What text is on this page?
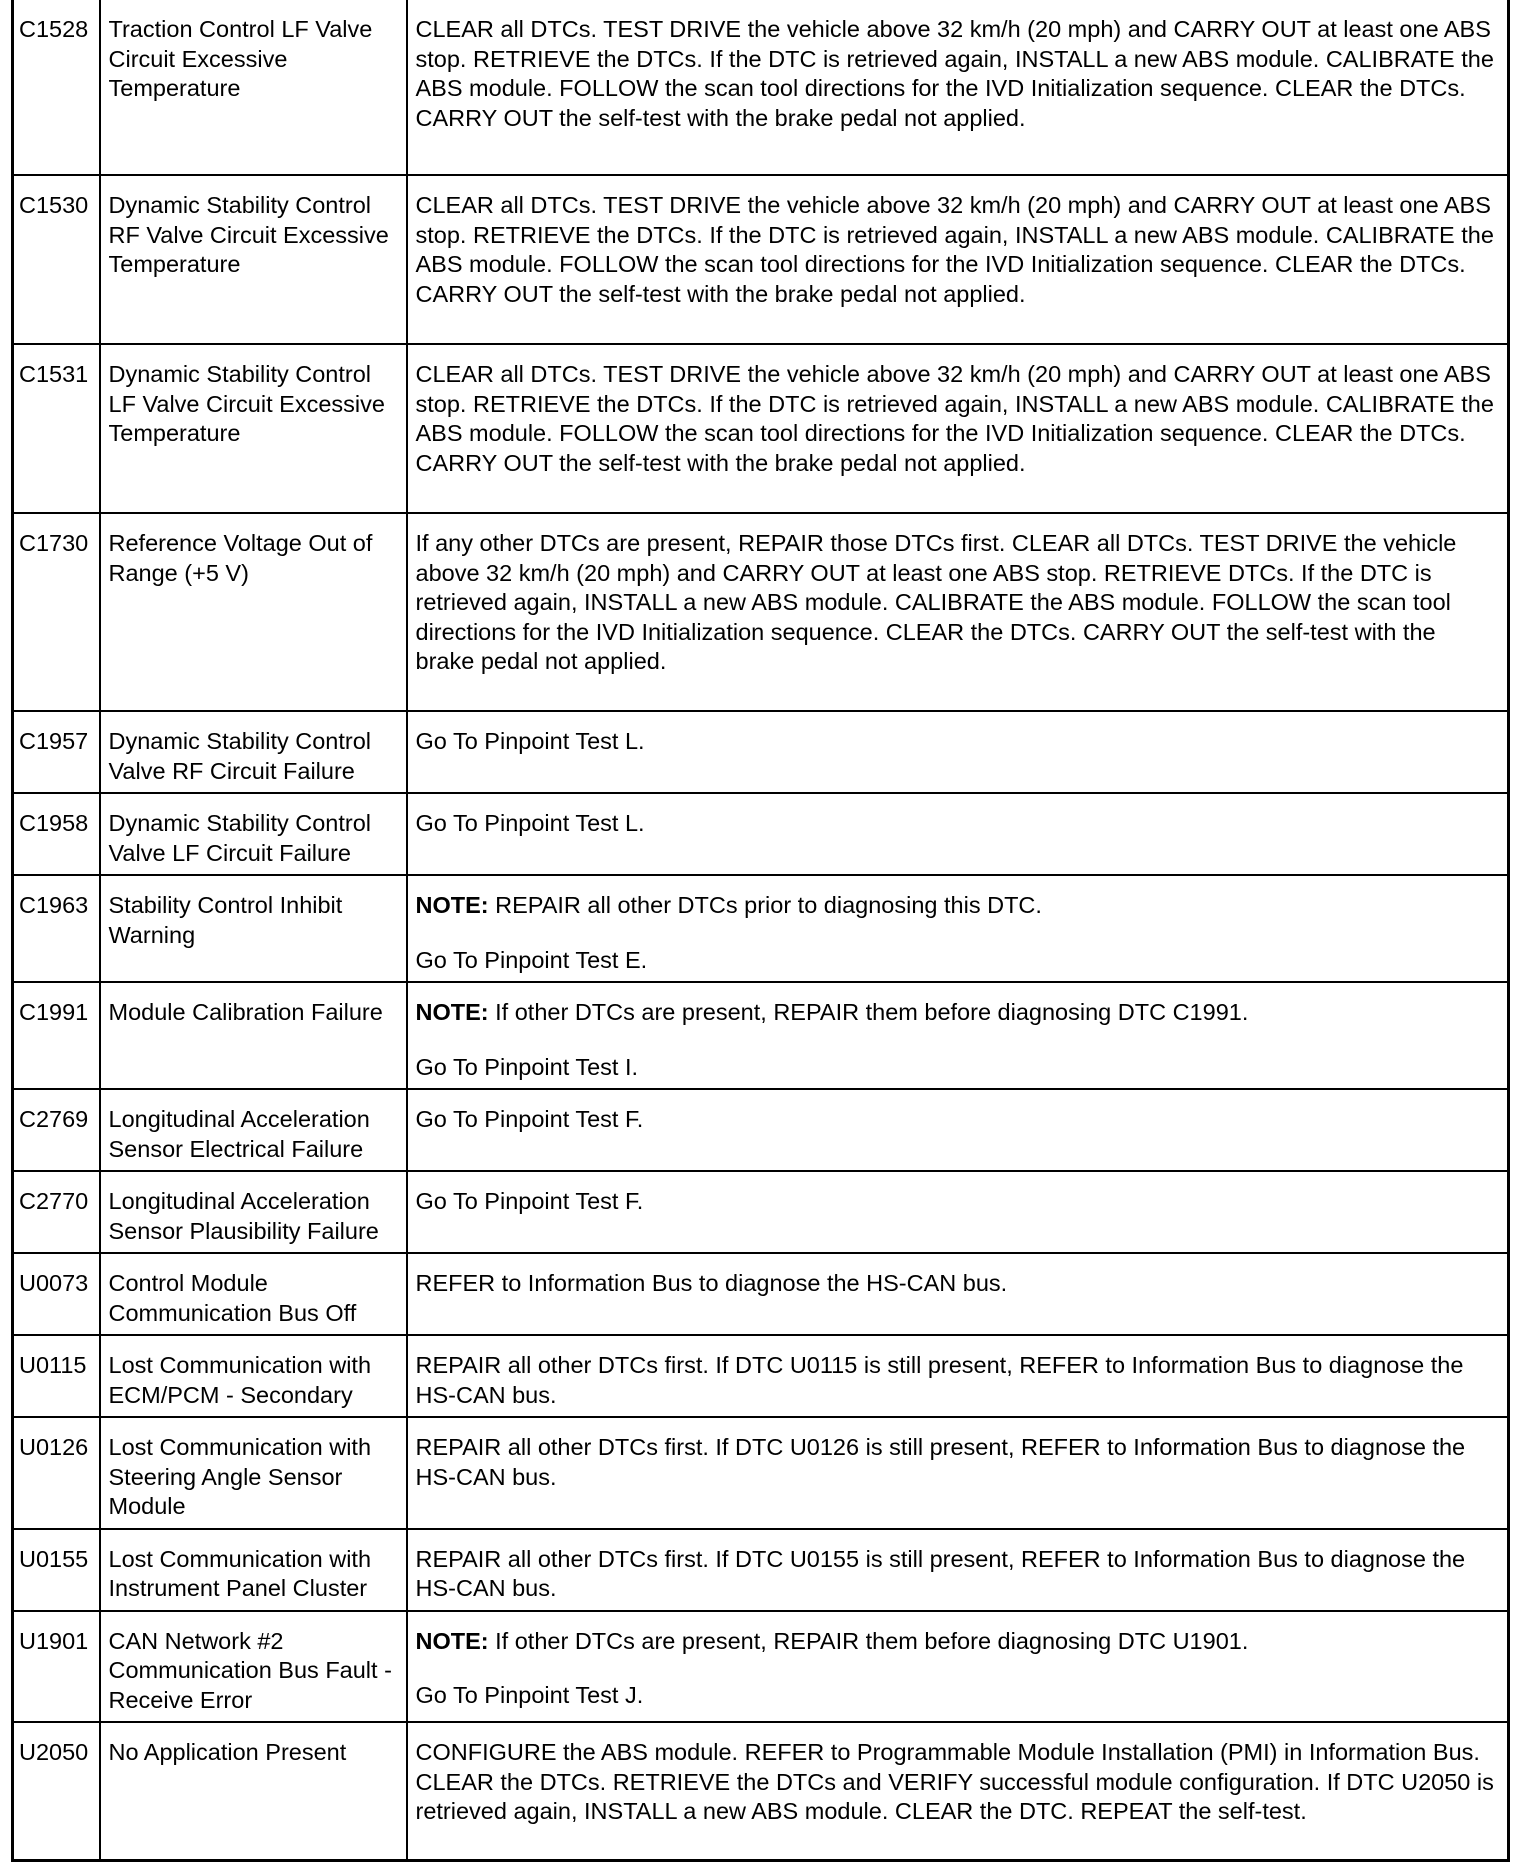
C1528	Traction Control LF Valve Circuit Excessive Temperature	CLEAR all DTCs. TEST DRIVE the vehicle above 32 km/h (20 mph) and CARRY OUT at least one ABS stop. RETRIEVE the DTCs. If the DTC is retrieved again, INSTALL a new ABS module. CALIBRATE the ABS module. FOLLOW the scan tool directions for the IVD Initialization sequence. CLEAR the DTCs. CARRY OUT the self-test with the brake pedal not applied.

C1530	Dynamic Stability Control RF Valve Circuit Excessive Temperature	CLEAR all DTCs. TEST DRIVE the vehicle above 32 km/h (20 mph) and CARRY OUT at least one ABS stop. RETRIEVE the DTCs. If the DTC is retrieved again, INSTALL a new ABS module. CALIBRATE the ABS module. FOLLOW the scan tool directions for the IVD Initialization sequence. CLEAR the DTCs. CARRY OUT the self-test with the brake pedal not applied.

C1531	Dynamic Stability Control LF Valve Circuit Excessive Temperature	CLEAR all DTCs. TEST DRIVE the vehicle above 32 km/h (20 mph) and CARRY OUT at least one ABS stop. RETRIEVE the DTCs. If the DTC is retrieved again, INSTALL a new ABS module. CALIBRATE the ABS module. FOLLOW the scan tool directions for the IVD Initialization sequence. CLEAR the DTCs. CARRY OUT the self-test with the brake pedal not applied.

C1730	Reference Voltage Out of Range (+5 V)	If any other DTCs are present, REPAIR those DTCs first. CLEAR all DTCs. TEST DRIVE the vehicle above 32 km/h (20 mph) and CARRY OUT at least one ABS stop. RETRIEVE DTCs. If the DTC is retrieved again, INSTALL a new ABS module. CALIBRATE the ABS module. FOLLOW the scan tool directions for the IVD Initialization sequence. CLEAR the DTCs. CARRY OUT the self-test with the brake pedal not applied.

C1957	Dynamic Stability Control Valve RF Circuit Failure	Go To Pinpoint Test L.

C1958	Dynamic Stability Control Valve LF Circuit Failure	Go To Pinpoint Test L.

C1963	Stability Control Inhibit Warning	NOTE: REPAIR all other DTCs prior to diagnosing this DTC.

Go To Pinpoint Test E.

C1991	Module Calibration Failure	NOTE: If other DTCs are present, REPAIR them before diagnosing DTC C1991.

Go To Pinpoint Test I.

C2769	Longitudinal Acceleration Sensor Electrical Failure	Go To Pinpoint Test F.

C2770	Longitudinal Acceleration Sensor Plausibility Failure	Go To Pinpoint Test F.

U0073	Control Module Communication Bus Off	REFER to Information Bus to diagnose the HS-CAN bus.

U0115	Lost Communication with ECM/PCM - Secondary	REPAIR all other DTCs first. If DTC U0115 is still present, REFER to Information Bus to diagnose the HS-CAN bus.

U0126	Lost Communication with Steering Angle Sensor Module	REPAIR all other DTCs first. If DTC U0126 is still present, REFER to Information Bus to diagnose the HS-CAN bus.

U0155	Lost Communication with Instrument Panel Cluster	REPAIR all other DTCs first. If DTC U0155 is still present, REFER to Information Bus to diagnose the HS-CAN bus.

U1901	CAN Network #2 Communication Bus Fault - Receive Error	NOTE: If other DTCs are present, REPAIR them before diagnosing DTC U1901.

Go To Pinpoint Test J.

U2050	No Application Present	CONFIGURE the ABS module. REFER to Programmable Module Installation (PMI) in Information Bus. CLEAR the DTCs. RETRIEVE the DTCs and VERIFY successful module configuration. If DTC U2050 is retrieved again, INSTALL a new ABS module. CLEAR the DTC. REPEAT the self-test.
